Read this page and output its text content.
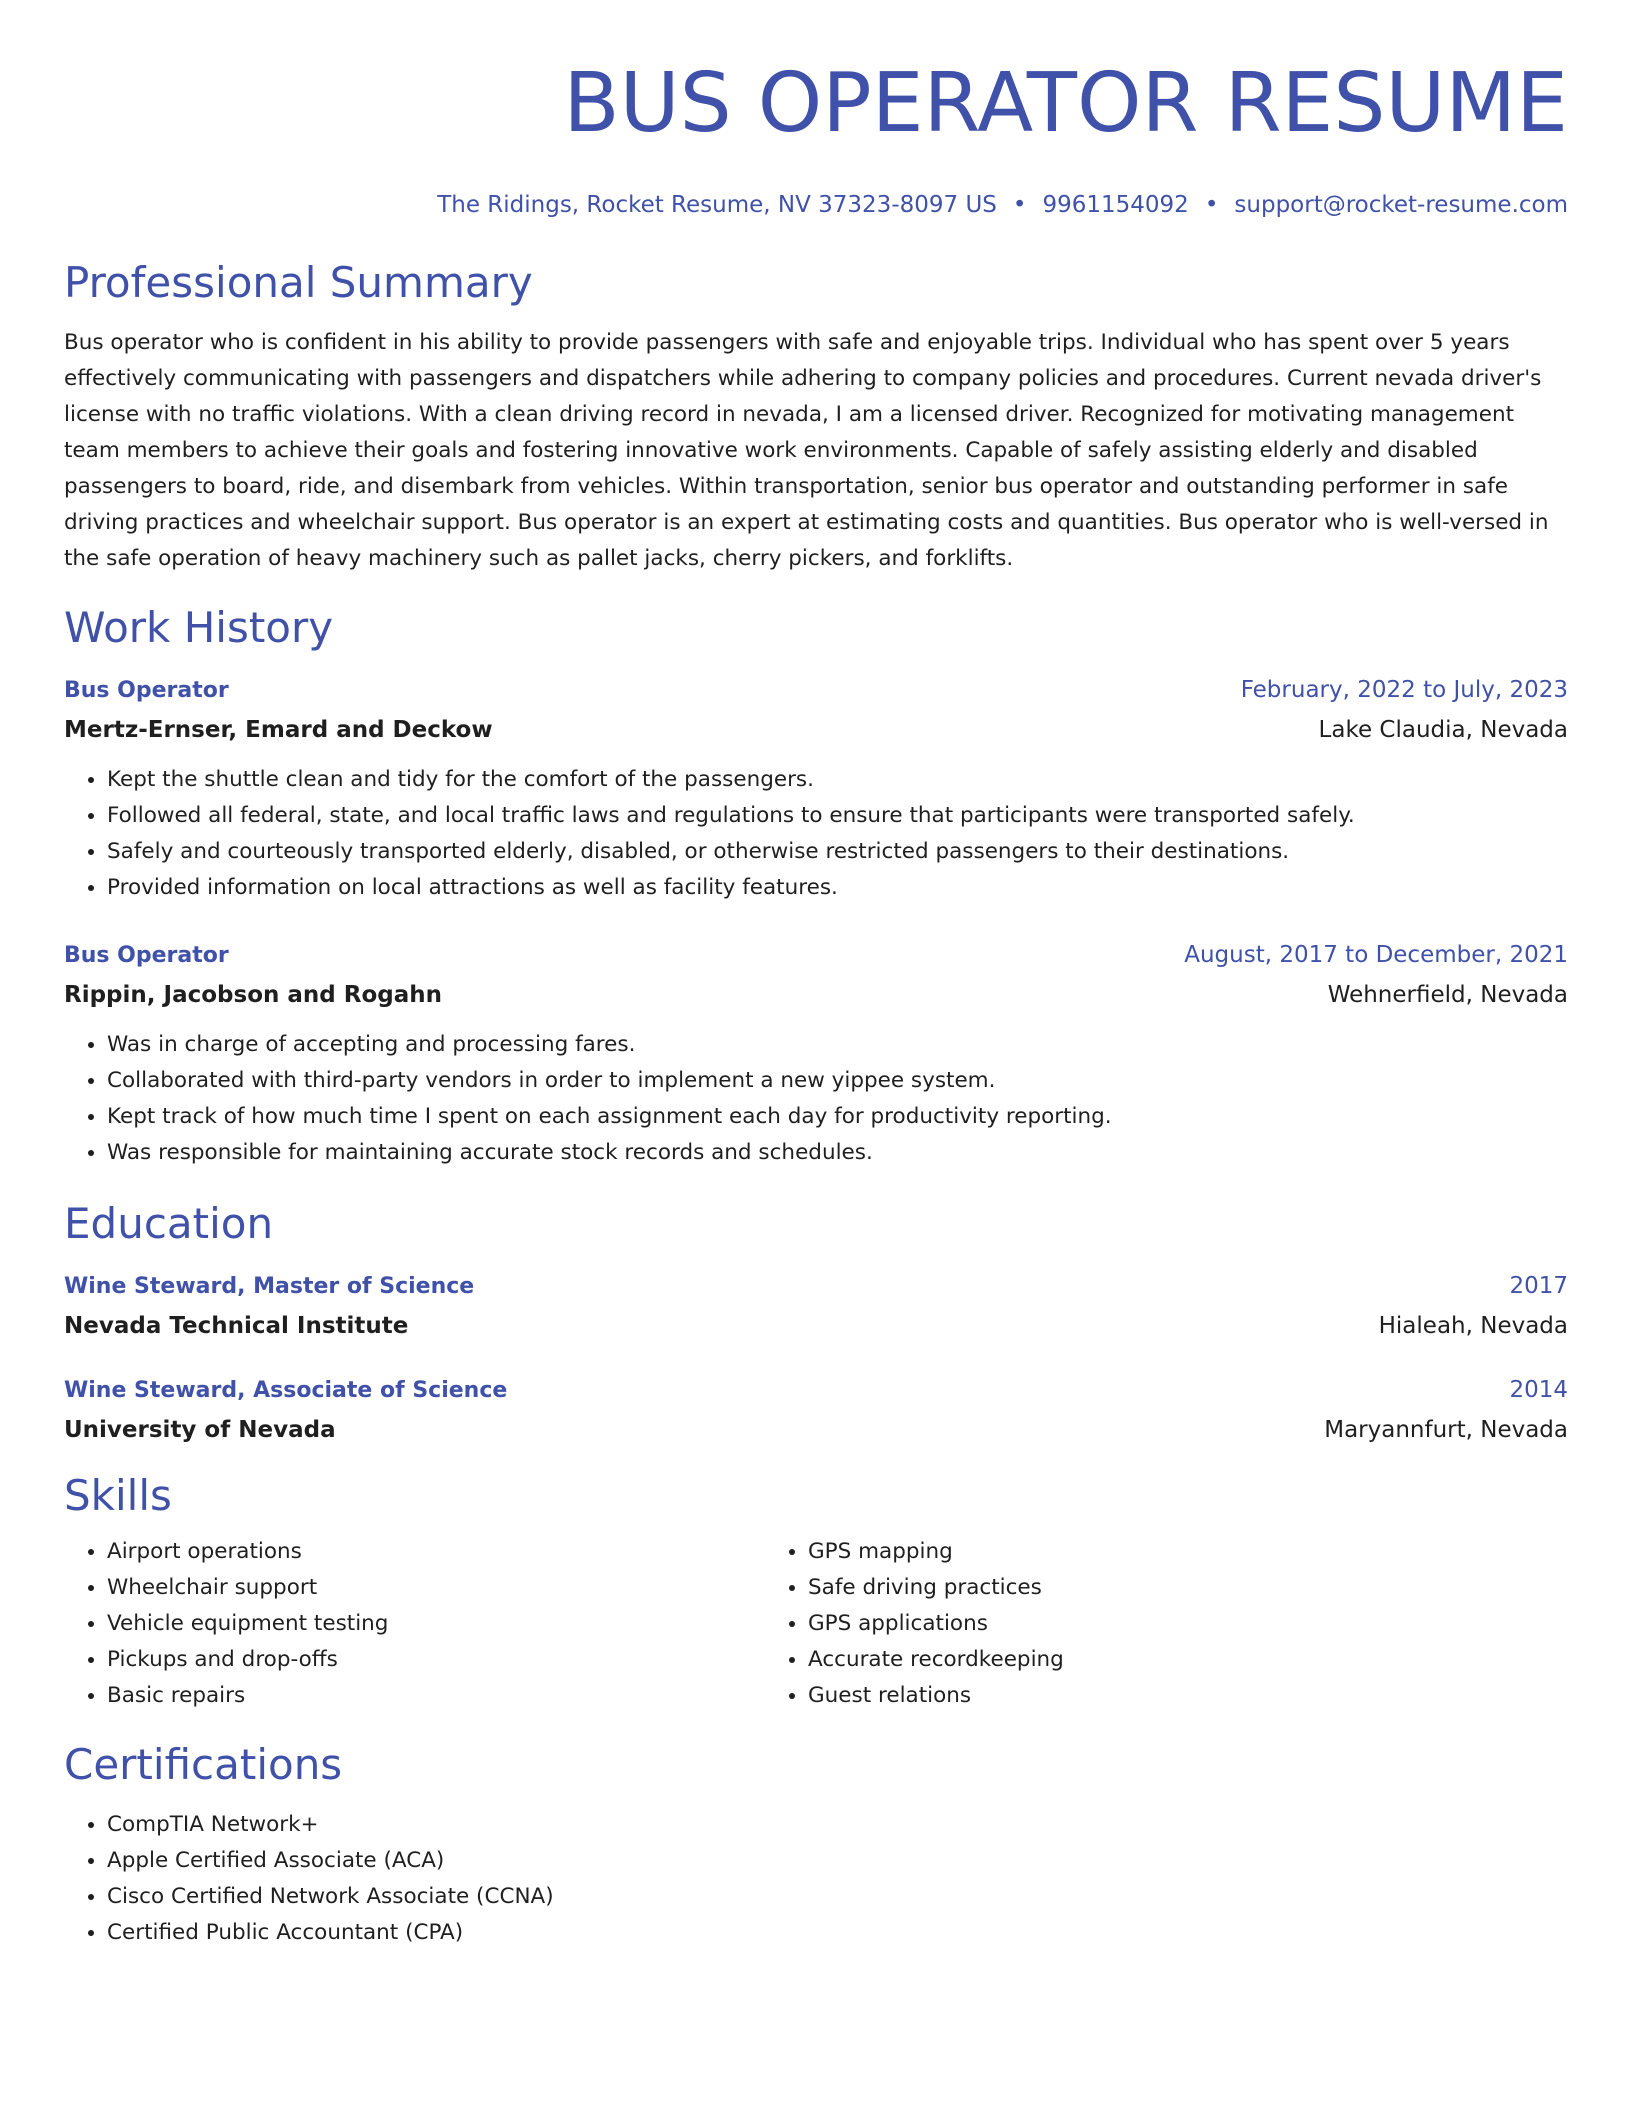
BUS OPERATOR RESUME
The Ridings, Rocket Resume, NV 37323-8097 US • 9961154092 • support@rocket-resume.com
Professional Summary
Bus operator who is confident in his ability to provide passengers with safe and enjoyable trips. Individual who has spent over 5 years effectively communicating with passengers and dispatchers while adhering to company policies and procedures. Current nevada driver's license with no traffic violations. With a clean driving record in nevada, I am a licensed driver. Recognized for motivating management team members to achieve their goals and fostering innovative work environments. Capable of safely assisting elderly and disabled passengers to board, ride, and disembark from vehicles. Within transportation, senior bus operator and outstanding performer in safe driving practices and wheelchair support. Bus operator is an expert at estimating costs and quantities. Bus operator who is well-versed in the safe operation of heavy machinery such as pallet jacks, cherry pickers, and forklifts.
Work History
Bus Operator	February, 2022 to July, 2023
Mertz-Ernser, Emard and Deckow	Lake Claudia, Nevada
• Kept the shuttle clean and tidy for the comfort of the passengers.
• Followed all federal, state, and local traffic laws and regulations to ensure that participants were transported safely.
• Safely and courteously transported elderly, disabled, or otherwise restricted passengers to their destinations.
• Provided information on local attractions as well as facility features.
Bus Operator	August, 2017 to December, 2021
Rippin, Jacobson and Rogahn	Wehnerfield, Nevada
• Was in charge of accepting and processing fares.
• Collaborated with third-party vendors in order to implement a new yippee system.
• Kept track of how much time I spent on each assignment each day for productivity reporting.
• Was responsible for maintaining accurate stock records and schedules.
Education
Wine Steward, Master of Science	2017
Nevada Technical Institute	Hialeah, Nevada
Wine Steward, Associate of Science	2014
University of Nevada	Maryannfurt, Nevada
Skills
• Airport operations
• Wheelchair support
• Vehicle equipment testing
• Pickups and drop-offs
• Basic repairs
• GPS mapping
• Safe driving practices
• GPS applications
• Accurate recordkeeping
• Guest relations
Certifications
• CompTIA Network+
• Apple Certified Associate (ACA)
• Cisco Certified Network Associate (CCNA)
• Certified Public Accountant (CPA)
